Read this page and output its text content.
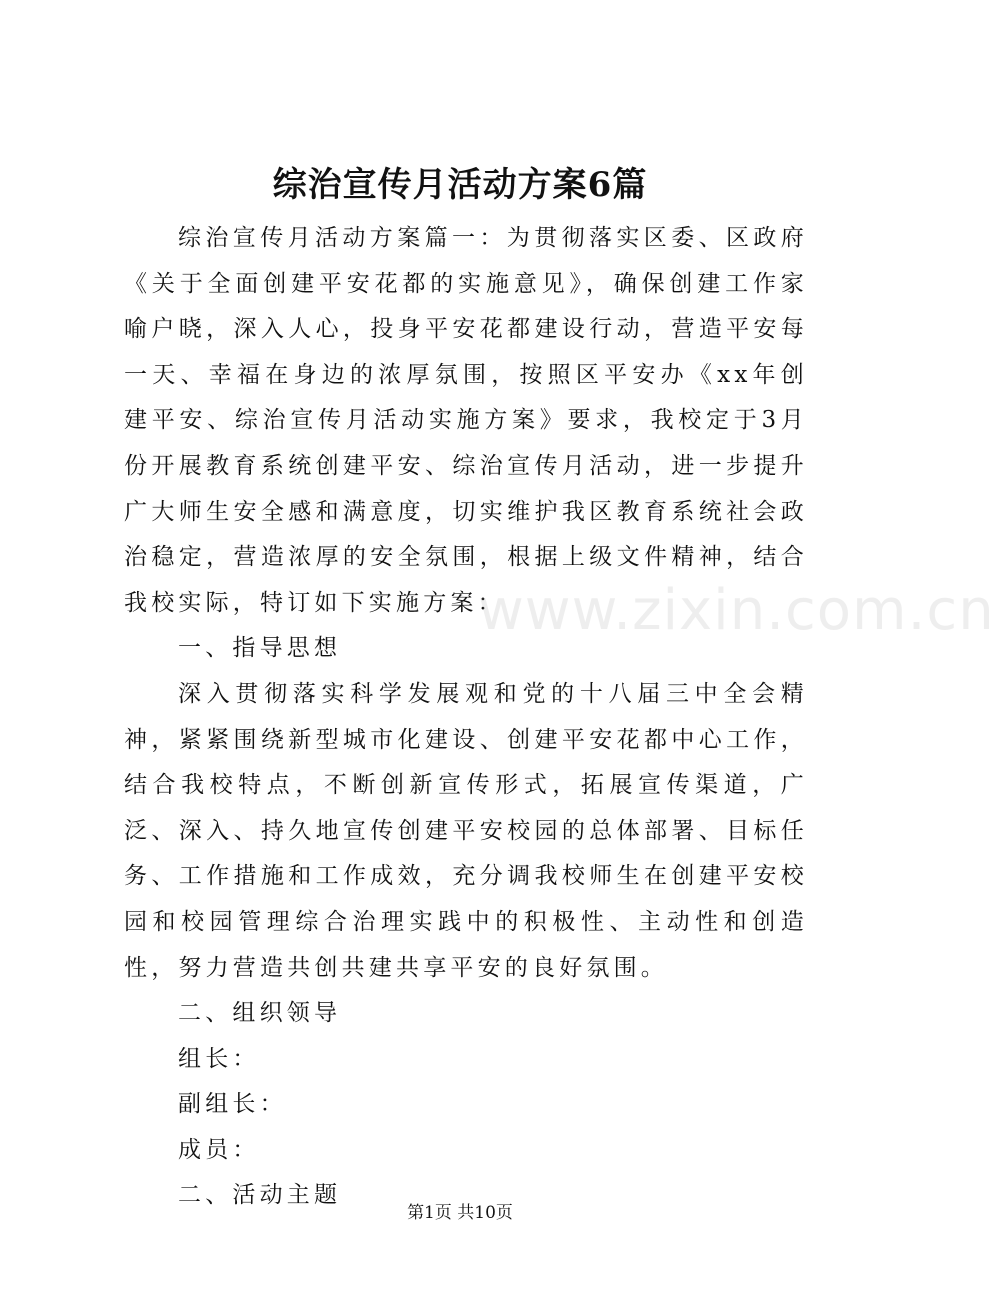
综治宣传月活动方案6篇

综治宣传月活动方案篇一：为贯彻落实区委、区政府《关于全面创建平安花都的实施意见》，确保创建工作家喻户晓，深入人心，投身平安花都建设行动，营造平安每一天、幸福在身边的浓厚氛围，按照区平安办《xx年创建平安、综治宣传月活动实施方案》要求，我校定于3月份开展教育系统创建平安、综治宣传月活动，进一步提升广大师生安全感和满意度，切实维护我区教育系统社会政治稳定，营造浓厚的安全氛围，根据上级文件精神，结合我校实际，特订如下实施方案：

一、指导思想

深入贯彻落实科学发展观和党的十八届三中全会精神，紧紧围绕新型城市化建设、创建平安花都中心工作，结合我校特点，不断创新宣传形式，拓展宣传渠道，广泛、深入、持久地宣传创建平安校园的总体部署、目标任务、工作措施和工作成效，充分调我校师生在创建平安校园和校园管理综合治理实践中的积极性、主动性和创造性，努力营造共创共建共享平安的良好氛围。

二、组织领导

组长：

副组长：

成员：

二、活动主题

www.zixin.com.cn
第1页 共10页
